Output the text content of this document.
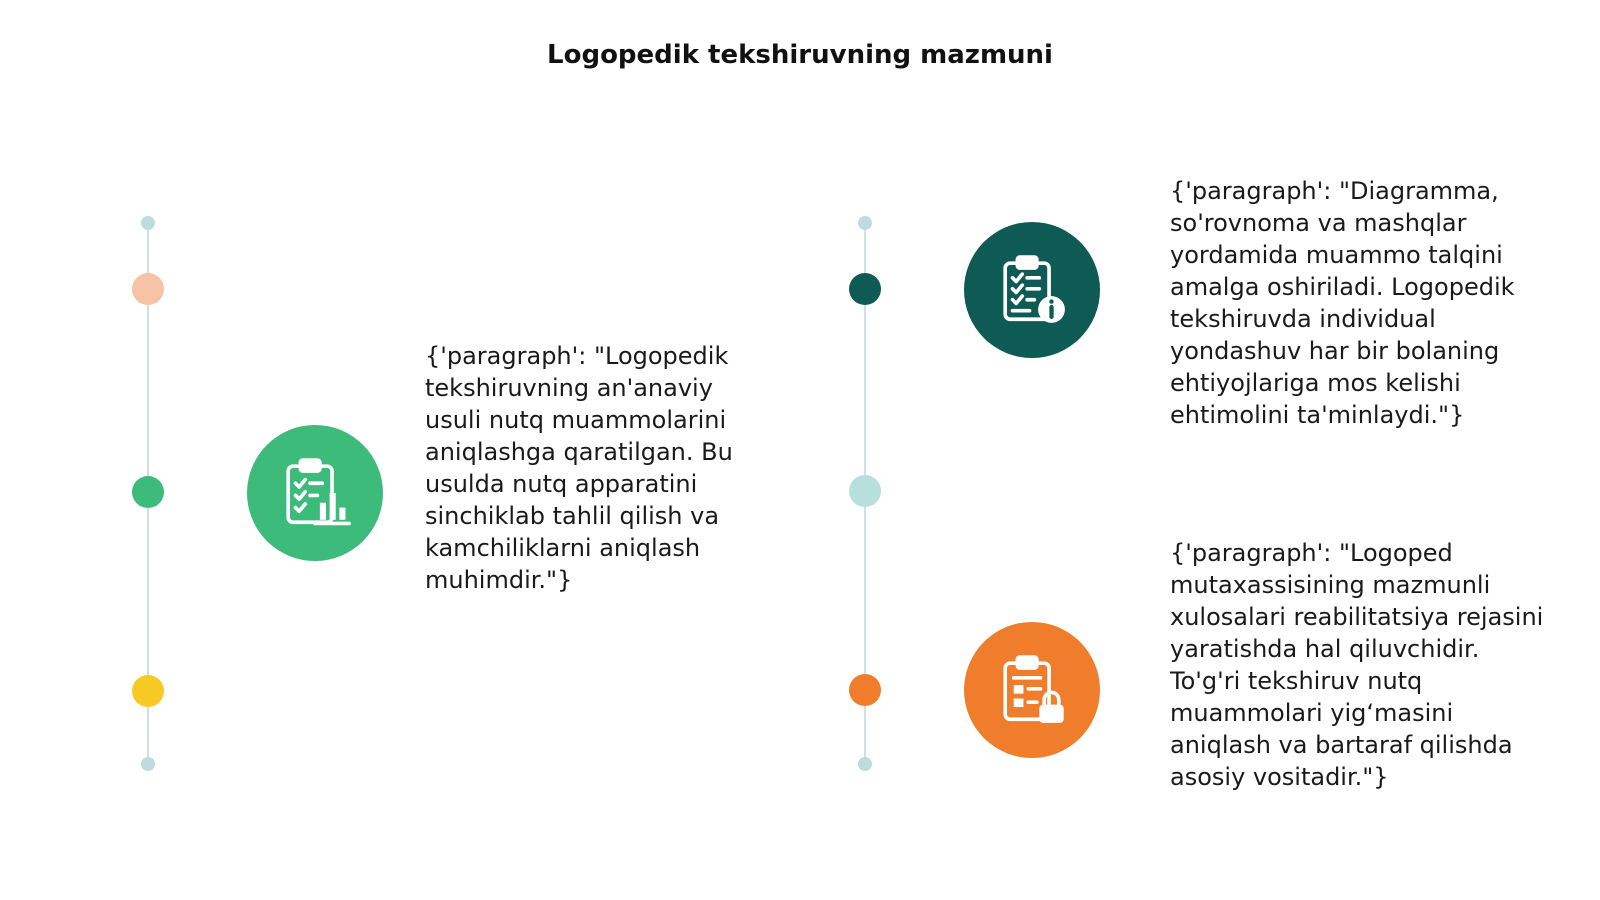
Logopedik tekshiruvning mazmuni
{'paragraph': "Logopedik tekshiruvning an'anaviy usuli nutq muammolarini aniqlashga qaratilgan. Bu usulda nutq apparatini sinchiklab tahlil qilish va kamchiliklarni aniqlash muhimdir."}
{'paragraph': "Diagramma, so'rovnoma va mashqlar yordamida muammo talqini amalga oshiriladi. Logopedik tekshiruvda individual yondashuv har bir bolaning ehtiyojlariga mos kelishi ehtimolini ta'minlaydi."}
{'paragraph': "Logoped mutaxassisining mazmunli xulosalari reabilitatsiya rejasini yaratishda hal qiluvchidir. To'g'ri tekshiruv nutq muammolari yig‘masini aniqlash va bartaraf qilishda asosiy vositadir."}
